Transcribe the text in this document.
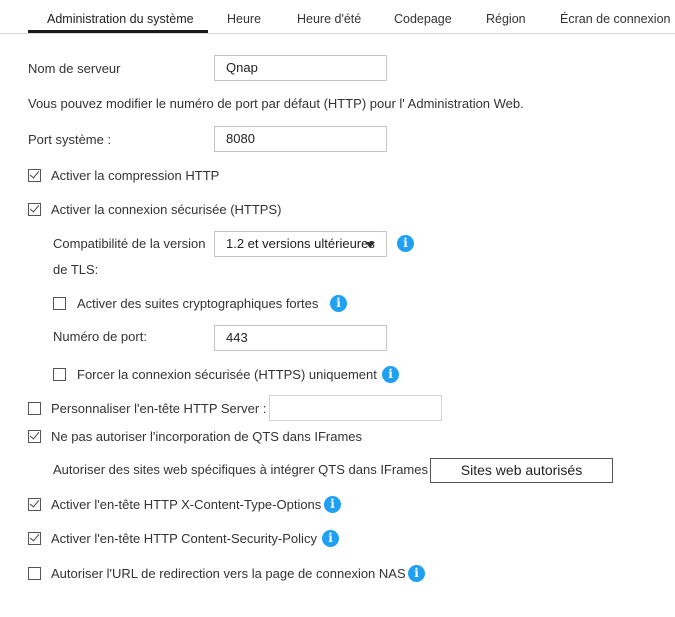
Administration du système	Heure	Heure d'été	Codepage	Région	Écran de connexion
Nom de serveur	Qnap
Vous pouvez modifier le numéro de port par défaut (HTTP) pour l' Administration Web.
Port système :	8080
Activer la compression HTTP
Activer la connexion sécurisée (HTTPS)
Compatibilité de la version
de TLS:
1.2 et versions ultérieures	i
Activer des suites cryptographiques fortes	i
Numéro de port:	443
Forcer la connexion sécurisée (HTTPS) uniquement i
Personnaliser l'en-tête HTTP Server :
Ne pas autoriser l'incorporation de QTS dans IFrames
Autoriser des sites web spécifiques à intégrer QTS dans IFrames	Sites web autorisés
Activer l'en-tête HTTP X-Content-Type-Options i
Activer l'en-tête HTTP Content-Security-Policy i
Autoriser l'URL de redirection vers la page de connexion NAS i
